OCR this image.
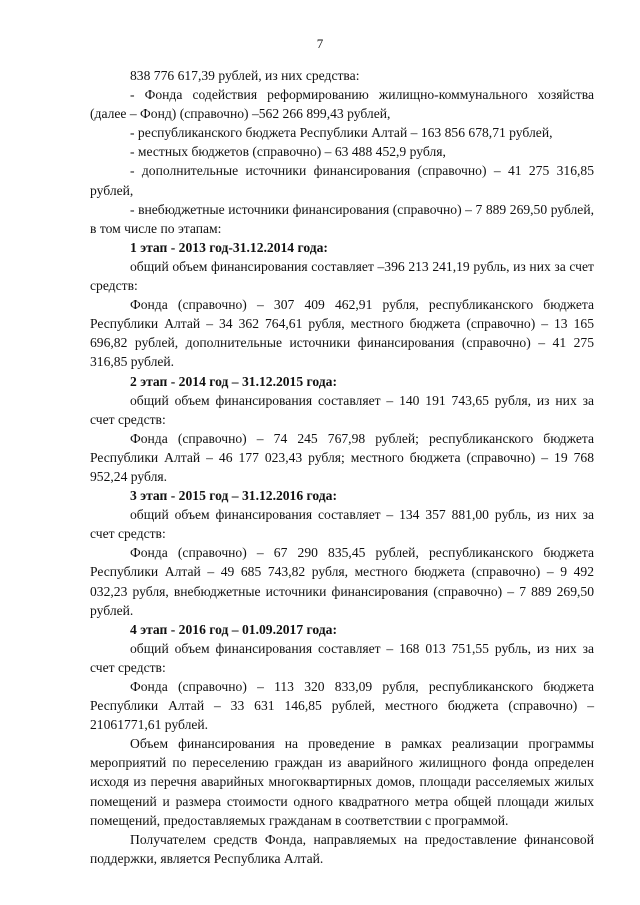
7

838 776 617,39 рублей, из них средства:

- Фонда содействия реформированию жилищно-коммунального хозяйства (далее – Фонд) (справочно) –562 266 899,43 рублей,

- республиканского бюджета Республики Алтай – 163 856 678,71 рублей,

- местных бюджетов (справочно) – 63 488 452,9 рубля,

- дополнительные источники финансирования (справочно) – 41 275 316,85 рублей,

- внебюджетные источники финансирования (справочно) – 7 889 269,50 рублей, в том числе по этапам:

1 этап - 2013 год-31.12.2014 года:

общий объем финансирования составляет –396 213 241,19 рубль, из них за счет средств:

Фонда (справочно) – 307 409 462,91 рубля, республиканского бюджета Республики Алтай – 34 362 764,61 рубля, местного бюджета (справочно) – 13 165 696,82 рублей, дополнительные источники финансирования (справочно) – 41 275 316,85 рублей.

2 этап - 2014 год – 31.12.2015 года:

общий объем финансирования составляет – 140 191 743,65 рубля, из них за счет средств:

Фонда (справочно) – 74 245 767,98 рублей; республиканского бюджета Республики Алтай – 46 177 023,43 рубля; местного бюджета (справочно) – 19 768 952,24 рубля.

3 этап - 2015 год – 31.12.2016 года:

общий объем финансирования составляет – 134 357 881,00 рубль, из них за счет средств:

Фонда (справочно) – 67 290 835,45 рублей, республиканского бюджета Республики Алтай – 49 685 743,82 рубля, местного бюджета (справочно) – 9 492 032,23 рубля, внебюджетные источники финансирования (справочно) – 7 889 269,50 рублей.

4 этап - 2016 год – 01.09.2017 года:

общий объем финансирования составляет – 168 013 751,55 рубль, из них за счет средств:

Фонда (справочно) – 113 320 833,09 рубля, республиканского бюджета Республики Алтай – 33 631 146,85 рублей, местного бюджета (справочно) – 21061771,61 рублей.

Объем финансирования на проведение в рамках реализации программы мероприятий по переселению граждан из аварийного жилищного фонда определен исходя из перечня аварийных многоквартирных домов, площади расселяемых жилых помещений и размера стоимости одного квадратного метра общей площади жилых помещений, предоставляемых гражданам в соответствии с программой.

Получателем средств Фонда, направляемых на предоставление финансовой поддержки, является Республика Алтай.
